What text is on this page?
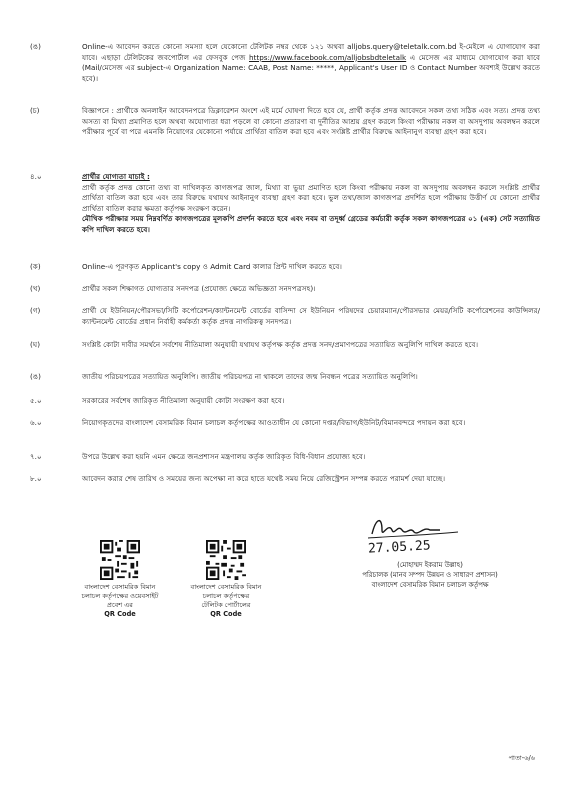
(ঙ)	Online-এ আবেদন করতে কোনো সমস্যা হলে যেকোনো টেলিটক নম্বর থেকে ১২১ অথবা alljobs.query@teletalk.com.bd ই-মেইলে এ যোগাযোগ করা যাবে। এছাড়া টেলিটকের জবপোর্টাল এর ফেসবুক পেজ https://www.facebook.com/alljobsbdteletalk এ মেসেজ এর মাধ্যমে যোগাযোগ করা যাবে (Mail/মেসেজ এর subject-এ Organization Name: CAAB, Post Name: *****, Applicant's User ID ও Contact Number অবশ্যই উল্লেখ করতে হবে)।
(চ)	বিজ্ঞাপনে : প্রার্থীকে অনলাইন আবেদনপত্রে ডিক্লারেশন অংশে এই মর্মে ঘোষণা দিতে হবে যে, প্রার্থী কর্তৃক প্রদত্ত আবেদনে সকল তথ্য সঠিক এবং সত্য। প্রদত্ত তথ্য অসত্য বা মিথ্যা প্রমাণিত হলে অথবা অযোগ্যতা ধরা পড়লে বা কোনো প্রতারণা বা দুর্নীতির আশ্রয় গ্রহণ করলে কিংবা পরীক্ষায় নকল বা অসদুপায় অবলম্বন করলে পরীক্ষার পূর্বে বা পরে এমনকি নিয়োগের যেকোনো পর্যায়ে প্রার্থিতা বাতিল করা হবে এবং সংশ্লিষ্ট প্রার্থীর বিরুদ্ধে আইনানুগ ব্যবস্থা গ্রহণ করা হবে।
৪.০	প্রার্থীর যোগ্যতা যাচাই :
প্রার্থী কর্তৃক প্রদত্ত কোনো তথ্য বা দাখিলকৃত কাগজপত্র জাল, মিথ্যা বা ভুয়া প্রমাণিত হলে কিংবা পরীক্ষায় নকল বা অসদুপায় অবলম্বন করলে সংশ্লিষ্ট প্রার্থীর প্রার্থিতা বাতিল করা হবে এবং তার বিরুদ্ধে যথাযথ আইনানুগ ব্যবস্থা গ্রহণ করা হবে। ভুল তথ্য/জাল কাগজপত্র প্রদর্শিত হলে পরীক্ষায় উত্তীর্ণ যে কোনো প্রার্থীর প্রার্থিতা বাতিল করার ক্ষমতা কর্তৃপক্ষ সংরক্ষণ করেন।
মৌখিক পরীক্ষার সময় নিম্নবর্ণিত কাগজপত্রের মূলকপি প্রদর্শন করতে হবে এবং নবম বা তদূর্ধ্ব গ্রেডের কর্মচারী কর্তৃক সকল কাগজপত্রের ০১ (এক) সেট সত্যায়িত কপি দাখিল করতে হবে।
(ক)	Online-এ পূরণকৃত Applicant's copy ও Admit Card কালার প্রিন্ট দাখিল করতে হবে।
(খ)	প্রার্থীর সকল শিক্ষাগত যোগ্যতার সনদপত্র (প্রযোজ্য ক্ষেত্রে অভিজ্ঞতা সনদপত্রসহ)।
(গ)	প্রার্থী যে ইউনিয়ন/পৌরসভা/সিটি কর্পোরেশন/ক্যান্টনমেন্ট বোর্ডের বাসিন্দা সে ইউনিয়ন পরিষদের চেয়ারম্যান/পৌরসভার মেয়র/সিটি কর্পোরেশনের কাউন্সিলর/ক্যান্টনমেন্ট বোর্ডের প্রধান নির্বাহী কর্মকর্তা কর্তৃক প্রদত্ত নাগরিকত্ব সনদপত্র।
(ঘ)	সংশ্লিষ্ট কোটা দাবীর সমর্থনে সর্বশেষ নীতিমালা অনুযায়ী যথাযথ কর্তৃপক্ষ কর্তৃক প্রদত্ত সনদ/প্রমাণপত্রের সত্যায়িত অনুলিপি দাখিল করতে হবে।
(ঙ)	জাতীয় পরিচয়পত্রের সত্যায়িত অনুলিপি। জাতীয় পরিচয়পত্র না থাকলে তাদের জন্ম নিবন্ধন পত্রের সত্যায়িত অনুলিপি।
৫.০	সরকারের সর্বশেষ জারিকৃত নীতিমালা অনুযায়ী কোটা সংরক্ষণ করা হবে।
৬.০	নিয়োগকৃতদের বাংলাদেশ বেসামরিক বিমান চলাচল কর্তৃপক্ষের আওতাধীন যে কোনো দপ্তর/বিভাগ/ইউনিট/বিমানবন্দরে পদায়ন করা হবে।
৭.০	উপরে উল্লেখ করা হয়নি এমন ক্ষেত্রে জনপ্রশাসন মন্ত্রণালয় কর্তৃক জারিকৃত বিধি-বিধান প্রযোজ্য হবে।
৮.০	আবেদন করার শেষ তারিখ ও সময়ের জন্য অপেক্ষা না করে হাতে যথেষ্ট সময় নিয়ে রেজিস্ট্রেশন সম্পন্ন করতে পরামর্শ দেয়া যাচ্ছে।
27.05.25
(মোহাম্মদ ইকরাম উল্লাহ)
পরিচালক (মানব সম্পদ উন্নয়ন ও সাধারণ প্রশাসন)
বাংলাদেশ বেসামরিক বিমান চলাচল কর্তৃপক্ষ
বাংলাদেশ বেসামরিক বিমান
চলাচল কর্তৃপক্ষের ওয়েবসাইট
প্রবেশ এর
QR Code
বাংলাদেশ বেসামরিক বিমান
চলাচল কর্তৃপক্ষের
টেলিটক পোর্টালের
QR Code
পাতা-৬/৬
